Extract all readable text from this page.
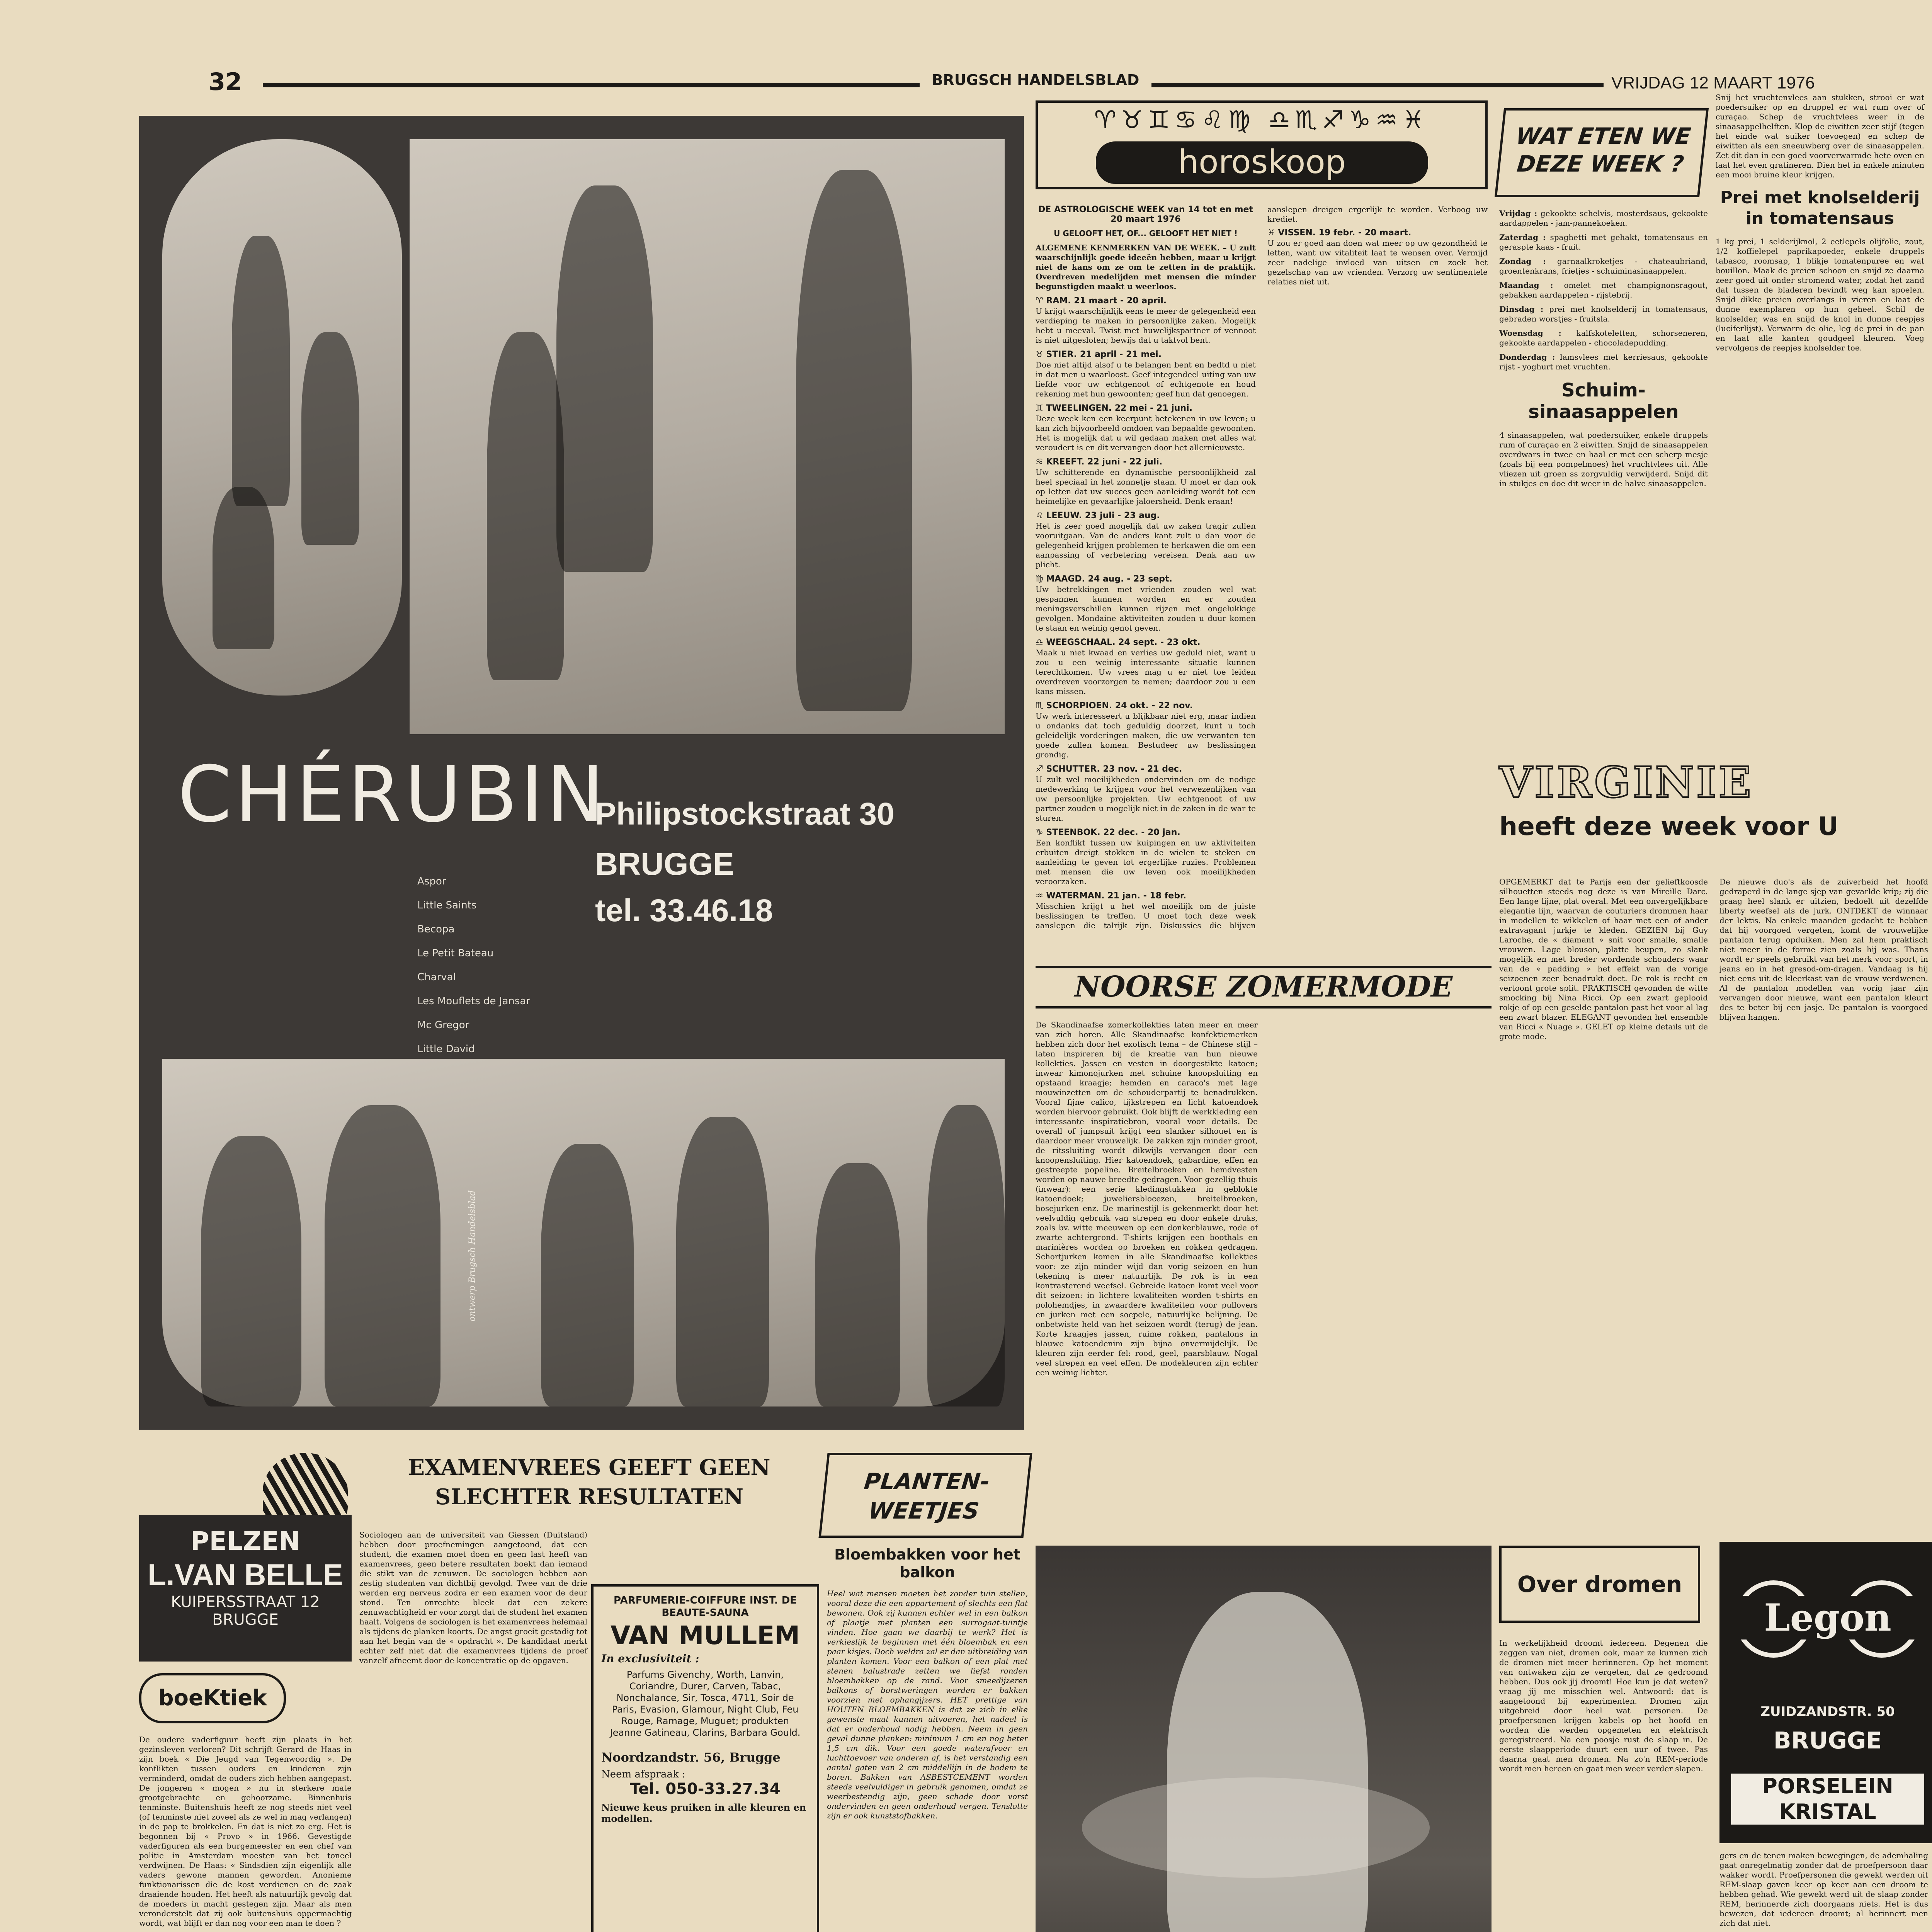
32	BRUGSCH HANDELSBLAD	VRIJDAG 12 MAART 1976
CHÉRUBIN
Aspor
Little Saints
Becopa
Le Petit Bateau
Charval
Les Mouflets de Jansar
Mc Gregor
Little David
Philipstockstraat 30
BRUGGE
tel. 33.46.18
ontwerp Brugsch Handelsblad
♈♉♊♋♌♍ ♎♏♐♑♒♓
horoskoop

DE ASTROLOGISCHE WEEK van 14 tot en met 20 maart 1976

U GELOOFT HET, OF... GELOOFT HET NIET !

ALGEMENE KENMERKEN VAN DE WEEK. – U zult waarschijnlijk goede ideeën hebben, maar u krijgt niet de kans om ze om te zetten in de praktijk. Overdreven medelijden met mensen die minder begunstigden maakt u weerloos.

♈ RAM. 21 maart - 20 april.

U krijgt waarschijnlijk eens te meer de gelegenheid een verdieping te maken in persoonlijke zaken. Mogelijk hebt u meeval. Twist met huwelijkspartner of vennoot is niet uitgesloten; bewijs dat u taktvol bent.

♉ STIER. 21 april - 21 mei.

Doe niet altijd alsof u te belangen bent en bedtd u niet in dat men u waarloost. Geef integendeel uiting van uw liefde voor uw echtgenoot of echtgenote en houd rekening met hun gewoonten; geef hun dat genoegen.

♊ TWEELINGEN. 22 mei - 21 juni.

Deze week ken een keerpunt betekenen in uw leven; u kan zich bijvoorbeeld omdoen van bepaalde gewoonten. Het is mogelijk dat u wil gedaan maken met alles wat veroudert is en dit vervangen door het allernieuwste.

♋ KREEFT. 22 juni - 22 juli.

Uw schitterende en dynamische persoonlijkheid zal heel speciaal in het zonnetje staan. U moet er dan ook op letten dat uw succes geen aanleiding wordt tot een heimelijke en gevaarlijke jaloersheid. Denk eraan!

♌ LEEUW. 23 juli - 23 aug.

Het is zeer goed mogelijk dat uw zaken tragir zullen vooruitgaan. Van de anders kant zult u dan voor de gelegenheid krijgen problemen te herkawen die om een aanpassing of verbetering vereisen. Denk aan uw plicht.

♍ MAAGD. 24 aug. - 23 sept.

Uw betrekkingen met vrienden zouden wel wat gespannen kunnen worden en er zouden meningsverschillen kunnen rijzen met ongelukkige gevolgen. Mondaine aktiviteiten zouden u duur komen te staan en weinig genot geven.

♎ WEEGSCHAAL. 24 sept. - 23 okt.

Maak u niet kwaad en verlies uw geduld niet, want u zou u een weinig interessante situatie kunnen terechtkomen. Uw vrees mag u er niet toe leiden overdreven voorzorgen te nemen; daardoor zou u een kans missen.

♏ SCHORPIOEN. 24 okt. - 22 nov.

Uw werk interesseert u blijkbaar niet erg, maar indien u ondanks dat toch geduldig doorzet, kunt u toch geleidelijk vorderingen maken, die uw verwanten ten goede zullen komen. Bestudeer uw beslissingen grondig.

♐ SCHUTTER. 23 nov. - 21 dec.

U zult wel moeilijkheden ondervinden om de nodige medewerking te krijgen voor het verwezenlijken van uw persoonlijke projekten. Uw echtgenoot of uw partner zouden u mogelijk niet in de zaken in de war te sturen.

♑ STEENBOK. 22 dec. - 20 jan.

Een konflikt tussen uw kuipingen en uw aktiviteiten erbuiten dreigt stokken in de wielen te steken en aanleiding te geven tot ergerlijke ruzies. Problemen met mensen die uw leven ook moeilijkheden veroorzaken.

♒ WATERMAN. 21 jan. - 18 febr.

Misschien krijgt u het wel moeilijk om de juiste beslissingen te treffen. U moet toch deze week aanslepen die talrijk zijn. Diskussies die blijven aanslepen dreigen ergerlijk te worden. Verboog uw krediet.

♓ VISSEN. 19 febr. - 20 maart.

U zou er goed aan doen wat meer op uw gezondheid te letten, want uw vitaliteit laat te wensen over. Vermijd zeer nadelige invloed van uitsen en zoek het gezelschap van uw vrienden. Verzorg uw sentimentele relaties niet uit.

WAT ETEN WE DEZE WEEK ?

Vrijdag : gekookte schelvis, mosterdsaus, gekookte aardappelen - jam-pannekoeken.

Zaterdag : spaghetti met gehakt, tomatensaus en geraspte kaas - fruit.

Zondag : garnaalkroketjes - chateaubriand, groentenkrans, frietjes - schuiminasinaappelen.

Maandag : omelet met champignonsragout, gebakken aardappelen - rijstebrij.

Dinsdag : prei met knolselderij in tomatensaus, gebraden worstjes - fruitsla.

Woensdag : kalfskoteletten, schorseneren, gekookte aardappelen - chocoladepudding.

Donderdag : lamsvlees met kerriesaus, gekookte rijst - yoghurt met vruchten.

Schuim-sinaasappelen

4 sinaasappelen, wat poedersuiker, enkele druppels rum of curaçao en 2 eiwitten. Snijd de sinaasappelen overdwars in twee en haal er met een scherp mesje (zoals bij een pompelmoes) het vruchtvlees uit. Alle vliezen uit groen ss zorgvuldig verwijderd. Snijd dit in stukjes en doe dit weer in de halve sinaasappelen.

Snij het vruchtenvlees aan stukken, strooi er wat poedersuiker op en druppel er wat rum over of curaçao. Schep de vruchtvlees weer in de sinaasappelhelften. Klop de eiwitten zeer stijf (tegen het einde wat suiker toevoegen) en schep de eiwitten als een sneeuwberg over de sinaasappelen. Zet dit dan in een goed voorverwarmde hete oven en laat het even gratineren. Dien het in enkele minuten een mooi bruine kleur krijgen.

Prei met knolselderij in tomatensaus

1 kg prei, 1 selderijknol, 2 eetlepels olijfolie, zout, 1/2 koffielepel paprikapoeder, enkele druppels tabasco, roomsap, 1 blikje tomatenpuree en wat bouillon. Maak de preien schoon en snijd ze daarna zeer goed uit onder stromend water, zodat het zand dat tussen de bladeren bevindt weg kan spoelen. Snijd dikke preien overlangs in vieren en laat de dunne exemplaren op hun geheel. Schil de knolselder, was en snijd de knol in dunne reepjes (luciferlijst). Verwarm de olie, leg de prei in de pan en laat alle kanten goudgeel kleuren. Voeg vervolgens de reepjes knolselder toe.

VIRGINIE
heeft deze week voor U

OPGEMERKT dat te Parijs een der gelieftkoosde silhouetten steeds nog deze is van Mireille Darc. Een lange lijne, plat overal. Met een onvergelijkbare elegantie lijn, waarvan de couturiers drommen haar in modellen te wikkelen of haar met een of ander extravagant jurkje te kleden. GEZIEN bij Guy Laroche, de « diamant » snit voor smalle, smalle vrouwen. Lage blouson, platte beupen, zo slank mogelijk en met breder wordende schouders waar van de « padding » het effekt van de vorige seizoenen zeer benadrukt doet. De rok is recht en vertoont grote split. PRAKTISCH gevonden de witte smocking bij Nina Ricci. Op een zwart geplooid rokje of op een geselde pantalon past het voor al lag een zwart blazer. ELEGANT gevonden het ensemble van Ricci « Nuage ». GELET op kleine details uit de grote mode.

De nieuwe duo's als de zuiverheid het hoofd gedraperd in de lange sjep van gevarlde krip; zij die graag heel slank er uitzien, bedoelt uit dezelfde liberty weefsel als de jurk. ONTDEKT de winnaar der lektis. Na enkele maanden gedacht te hebben dat hij voorgoed vergeten, komt de vrouwelijke pantalon terug opduiken. Men zal hem praktisch niet meer in de forme zien zoals hij was. Thans wordt er speels gebruikt van het merk voor sport, in jeans en in het gresod-om-dragen. Vandaag is hij niet eens uit de kleerkast van de vrouw verdwenen. Al de pantalon modellen van vorig jaar zijn vervangen door nieuwe, want een pantalon kleurt des te beter bij een jasje. De pantalon is voorgoed blijven hangen.

NOORSE ZOMERMODE

De Skandinaafse zomerkollekties laten meer en meer van zich horen. Alle Skandinaafse konfektiemerken hebben zich door het exotisch tema – de Chinese stijl – laten inspireren bij de kreatie van hun nieuwe kollekties. Jassen en vesten in doorgestikte katoen; inwear kimonojurken met schuine knoopsluiting en opstaand kraagje; hemden en caraco's met lage mouwinzetten om de schouderpartij te benadrukken. Vooral fijne calico, tijkstrepen en licht katoendoek worden hiervoor gebruikt. Ook blijft de werkkleding een interessante inspiratiebron, vooral voor details. De overall of jumpsuit krijgt een slanker silhouet en is daardoor meer vrouwelijk. De zakken zijn minder groot, de ritssluiting wordt dikwijls vervangen door een knoopensluiting. Hier katoendoek, gabardine, effen en gestreepte popeline. Breitelbroeken en hemdvesten worden op nauwe breedte gedragen. Voor gezellig thuis (inwear): een serie kledingstukken in geblokte katoendoek; juweliersblocezen, breitelbroeken, bosejurken enz. De marinestijl is gekenmerkt door het veelvuldig gebruik van strepen en door enkele druks, zoals bv. witte meeuwen op een donkerblauwe, rode of zwarte achtergrond. T-shirts krijgen een boothals en marinières worden op broeken en rokken gedragen. Schortjurken komen in alle Skandinaafse kollekties voor: ze zijn minder wijd dan vorig seizoen en hun tekening is meer natuurlijk. De rok is in een kontrasterend weefsel. Gebreide katoen komt veel voor dit seizoen: in lichtere kwaliteiten worden t-shirts en polohemdjes, in zwaardere kwaliteiten voor pullovers en jurken met een soepele, natuurlijke belijning. De onbetwiste held van het seizoen wordt (terug) de jean. Korte kraagjes jassen, ruime rokken, pantalons in blauwe katoendenim zijn bijna onvermijdelijk. De kleuren zijn eerder fel: rood, geel, paarsblauw. Nogal veel strepen en veel effen. De modekleuren zijn echter een weinig lichter.

PELZEN
L.VAN BELLE
KUIPERSSTRAAT 12
BRUGGE
boeKtiek

De oudere vaderfiguur heeft zijn plaats in het gezinsleven verloren? Dit schrijft Gerard de Haas in zijn boek « Die Jeugd van Tegenwoordig ». De konflikten tussen ouders en kinderen zijn verminderd, omdat de ouders zich hebben aangepast. De jongeren « mogen » nu in sterkere mate grootgebrachte en gehoorzame. Binnenhuis tenminste. Buitenshuis heeft ze nog steeds niet veel (of tenminste niet zoveel als ze wel in mag verlangen) in de pap te brokkelen. En dat is niet zo erg. Het is begonnen bij « Provo » in 1966. Gevestigde vaderfiguren als een burgemeester en een chef van politie in Amsterdam moesten van het toneel verdwijnen. De Haas: « Sindsdien zijn eigenlijk alle vaders gewone mannen geworden. Anonieme funktionarissen die de kost verdienen en de zaak draaiende houden. Het heeft als natuurlijk gevolg dat de moeders in macht gestegen zijn. Maar als men veronderstelt dat zij ook buitenshuis oppermachtig wordt, wat blijft er dan nog voor een man te doen ?

EXAMENVREES GEEFT GEEN SLECHTER RESULTATEN

Sociologen aan de universiteit van Giessen (Duitsland) hebben door proefnemingen aangetoond, dat een student, die examen moet doen en geen last heeft van examenvrees, geen betere resultaten boekt dan iemand die stikt van de zenuwen. De sociologen hebben aan zestig studenten van dichtbij gevolgd. Twee van de drie werden erg nerveus zodra er een examen voor de deur stond. Ten onrechte bleek dat een zekere zenuwachtigheid er voor zorgt dat de student het examen haalt. Volgens de sociologen is het examenvrees helemaal als tijdens de planken koorts. De angst groeit gestadig tot aan het begin van de « opdracht ». De kandidaat merkt echter zelf niet dat die examenvrees tijdens de proef vanzelf afneemt door de koncentratie op de opgaven.

PARFUMERIE-COIFFURE INST. DE BEAUTE-SAUNA
VAN MULLEM
In exclusiviteit :
Parfums Givenchy, Worth, Lanvin, Coriandre, Durer, Carven, Tabac, Nonchalance, Sir, Tosca, 4711, Soir de Paris, Evasion, Glamour, Night Club, Feu Rouge, Ramage, Muguet; produkten Jeanne Gatineau, Clarins, Barbara Gould.
Noordzandstr. 56, Brugge
Neem afspraak :
Tel. 050-33.27.34
Nieuwe keus pruiken in alle kleuren en modellen.
PLANTEN-WEETJES
Bloembakken voor het balkon

Heel wat mensen moeten het zonder tuin stellen, vooral deze die een appartement of slechts een flat bewonen. Ook zij kunnen echter wel in een balkon of plaatje met planten een surrogaat-tuintje vinden. Hoe gaan we daarbij te werk? Het is verkieslijk te beginnen met één bloembak en een paar kisjes. Doch weldra zal er dan uitbreiding van planten komen. Voor een balkon of een plat met stenen balustrade zetten we liefst ronden bloembakken op de rand. Voor smeedijzeren balkons of borstweringen worden er bakken voorzien met ophangijzers. HET prettige van HOUTEN BLOEMBAKKEN is dat ze zich in elke gewenste maat kunnen uitvoeren, het nadeel is dat er onderhoud nodig hebben. Neem in geen geval dunne planken: minimum 1 cm en nog beter 1,5 cm dik. Voor een goede waterafvoer en luchttoevoer van onderen af, is het verstandig een aantal gaten van 2 cm middellijn in de bodem te boren. Bakken van ASBESTCEMENT worden steeds veelvuldiger in gebruik genomen, omdat ze weerbestendig zijn, geen schade door vorst ondervinden en geen onderhoud vergen. Tenslotte zijn er ook kunststofbakken.

Over dromen

In werkelijkheid droomt iedereen. Degenen die zeggen van niet, dromen ook, maar ze kunnen zich de dromen niet meer herinneren. Op het moment van ontwaken zijn ze vergeten, dat ze gedroomd hebben. Dus ook jij droomt! Hoe kun je dat weten? vraag jij me misschien wel. Antwoord: dat is aangetoond bij experimenten. Dromen zijn uitgebreid door heel wat personen. De proefpersonen krijgen kabels op het hoofd en worden die werden opgemeten en elektrisch geregistreerd. Na een poosje rust de slaap in. De eerste slaapperiode duurt een uur of twee. Pas daarna gaat men dromen. Na zo'n REM-periode wordt men hereen en gaat men weer verder slapen.

gers en de tenen maken bewegingen, de ademhaling gaat onregelmatig zonder dat de proefpersoon daar wakker wordt. Proefpersonen die gewekt werden uit REM-slaap gaven keer op keer aan een droom te hebben gehad. Wie gewekt werd uit de slaap zonder REM, herinnerde zich doorgaans niets. Het is dus bewezen, dat iedereen droomt; al herinnert men zich dat niet.

Legon
ZUIDZANDSTR. 50
BRUGGE
PORSELEIN KRISTAL
